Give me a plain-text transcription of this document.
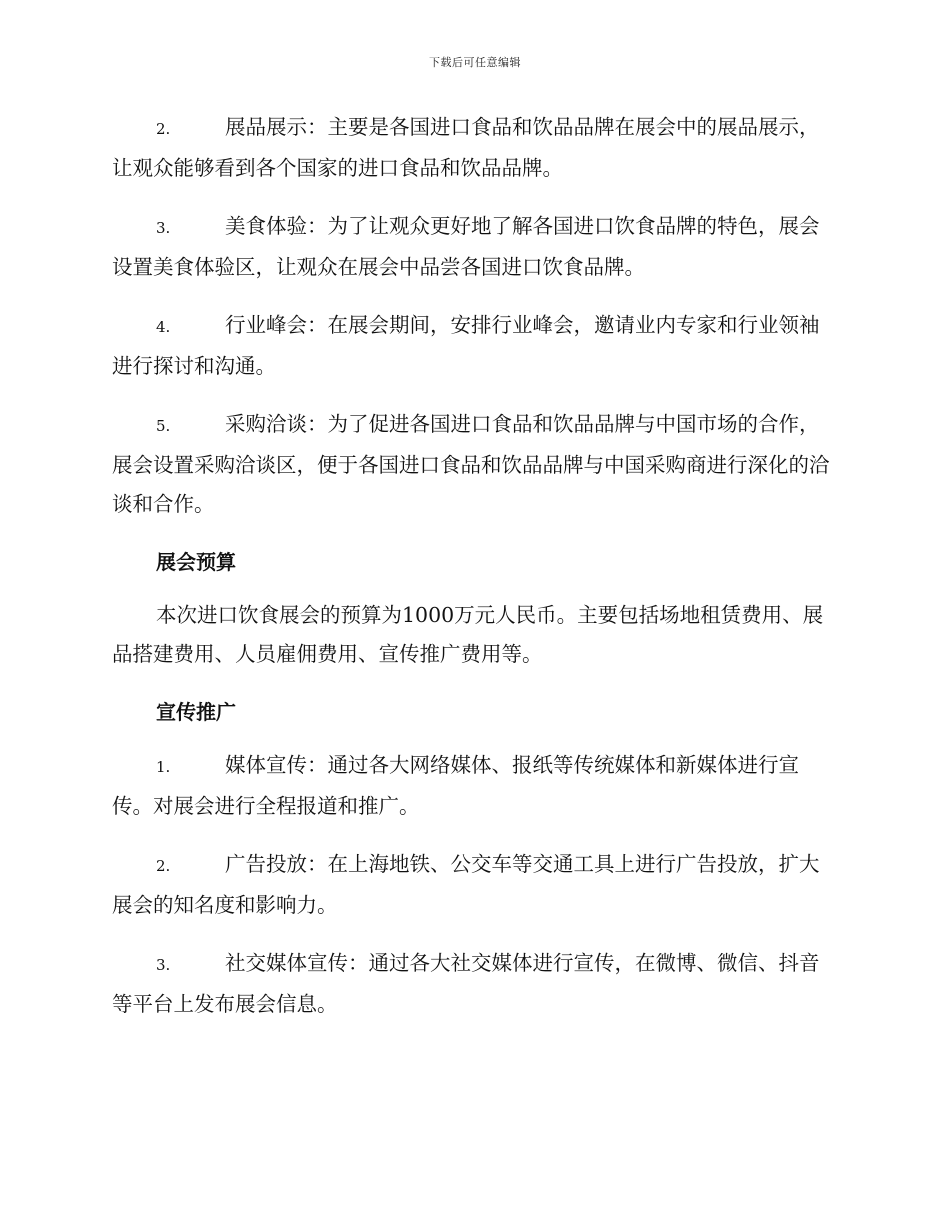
下载后可任意编辑
2.	展品展示：主要是各国进口食品和饮品品牌在展会中的展品展示，让观众能够看到各个国家的进口食品和饮品品牌。
3.	美食体验：为了让观众更好地了解各国进口饮食品牌的特色，展会设置美食体验区，让观众在展会中品尝各国进口饮食品牌。
4.	行业峰会：在展会期间，安排行业峰会，邀请业内专家和行业领袖进行探讨和沟通。
5.	采购洽谈：为了促进各国进口食品和饮品品牌与中国市场的合作，展会设置采购洽谈区，便于各国进口食品和饮品品牌与中国采购商进行深化的洽谈和合作。
展会预算

本次进口饮食展会的预算为1000万元人民币。主要包括场地租赁费用、展品搭建费用、人员雇佣费用、宣传推广费用等。

宣传推广
1.	媒体宣传：通过各大网络媒体、报纸等传统媒体和新媒体进行宣传。对展会进行全程报道和推广。
2.	广告投放：在上海地铁、公交车等交通工具上进行广告投放，扩大展会的知名度和影响力。
3.	社交媒体宣传：通过各大社交媒体进行宣传，在微博、微信、抖音等平台上发布展会信息。
